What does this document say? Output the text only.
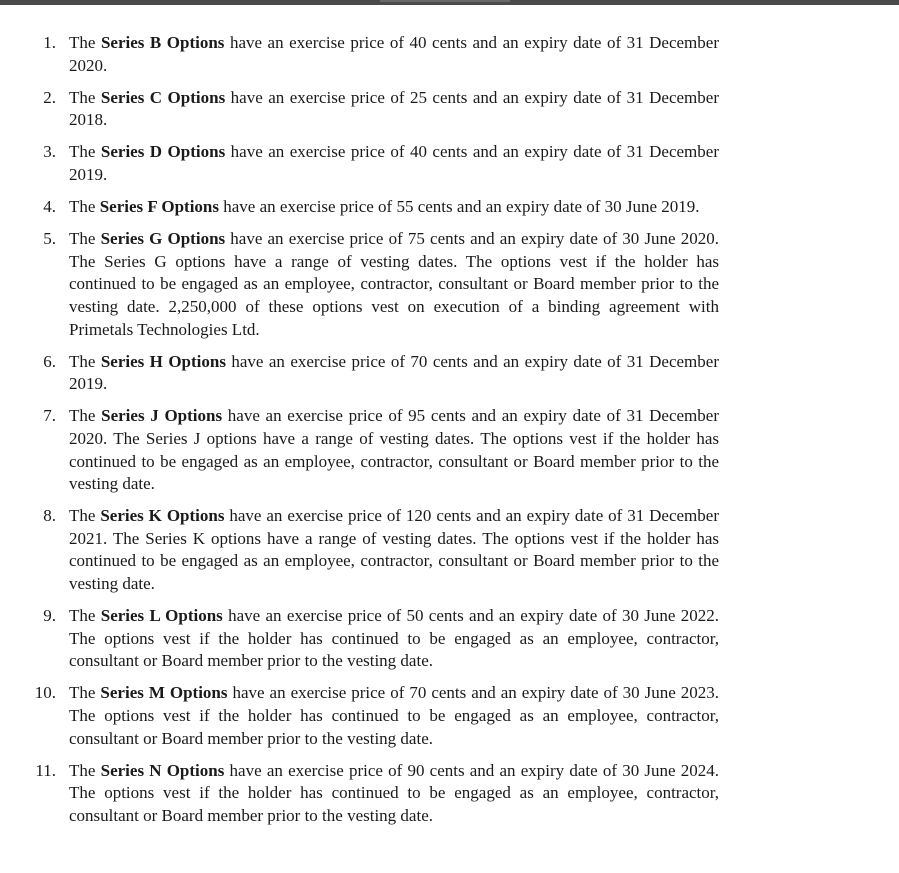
1. The Series B Options have an exercise price of 40 cents and an expiry date of 31 December 2020.
2. The Series C Options have an exercise price of 25 cents and an expiry date of 31 December 2018.
3. The Series D Options have an exercise price of 40 cents and an expiry date of 31 December 2019.
4. The Series F Options have an exercise price of 55 cents and an expiry date of 30 June 2019.
5. The Series G Options have an exercise price of 75 cents and an expiry date of 30 June 2020. The Series G options have a range of vesting dates. The options vest if the holder has continued to be engaged as an employee, contractor, consultant or Board member prior to the vesting date. 2,250,000 of these options vest on execution of a binding agreement with Primetals Technologies Ltd.
6. The Series H Options have an exercise price of 70 cents and an expiry date of 31 December 2019.
7. The Series J Options have an exercise price of 95 cents and an expiry date of 31 December 2020. The Series J options have a range of vesting dates. The options vest if the holder has continued to be engaged as an employee, contractor, consultant or Board member prior to the vesting date.
8. The Series K Options have an exercise price of 120 cents and an expiry date of 31 December 2021. The Series K options have a range of vesting dates. The options vest if the holder has continued to be engaged as an employee, contractor, consultant or Board member prior to the vesting date.
9. The Series L Options have an exercise price of 50 cents and an expiry date of 30 June 2022. The options vest if the holder has continued to be engaged as an employee, contractor, consultant or Board member prior to the vesting date.
10. The Series M Options have an exercise price of 70 cents and an expiry date of 30 June 2023. The options vest if the holder has continued to be engaged as an employee, contractor, consultant or Board member prior to the vesting date.
11. The Series N Options have an exercise price of 90 cents and an expiry date of 30 June 2024. The options vest if the holder has continued to be engaged as an employee, contractor, consultant or Board member prior to the vesting date.
